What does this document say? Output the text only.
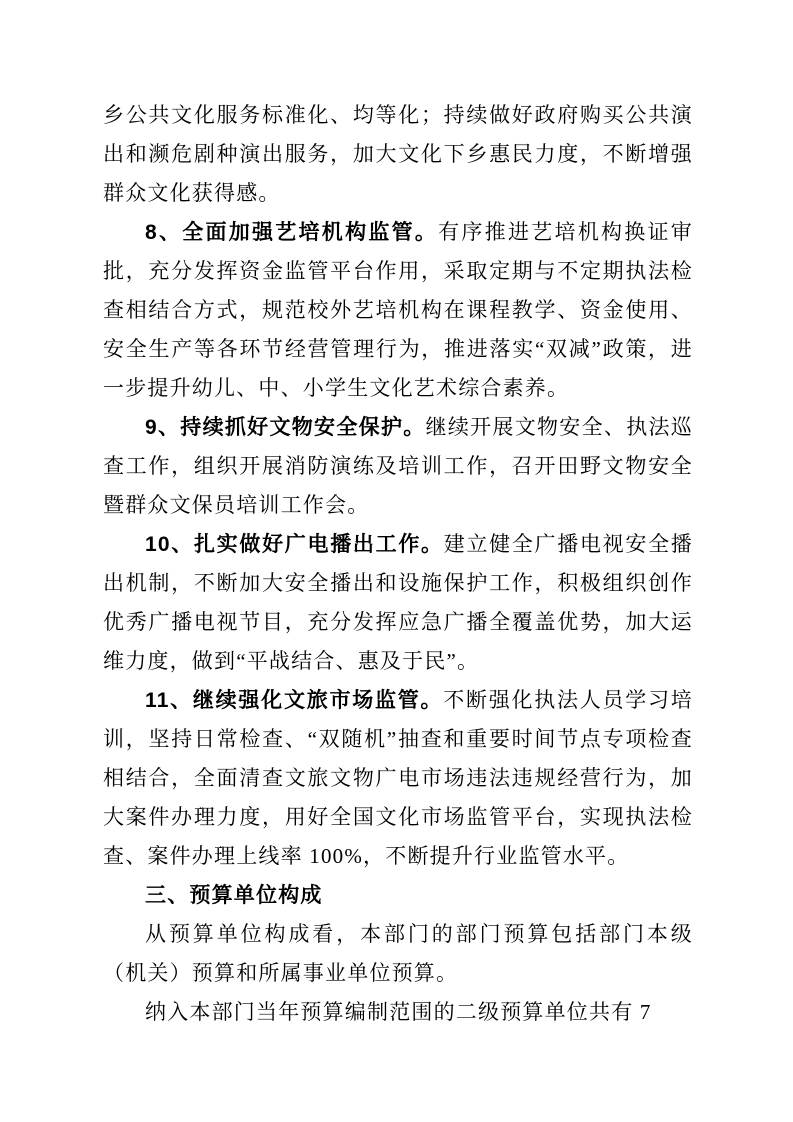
乡公共文化服务标准化、均等化；持续做好政府购买公共演出和濒危剧种演出服务，加大文化下乡惠民力度，不断增强群众文化获得感。

8、全面加强艺培机构监管。有序推进艺培机构换证审批，充分发挥资金监管平台作用，采取定期与不定期执法检查相结合方式，规范校外艺培机构在课程教学、资金使用、安全生产等各环节经营管理行为，推进落实“双减”政策，进一步提升幼儿、中、小学生文化艺术综合素养。

9、持续抓好文物安全保护。继续开展文物安全、执法巡查工作，组织开展消防演练及培训工作，召开田野文物安全暨群众文保员培训工作会。

10、扎实做好广电播出工作。建立健全广播电视安全播出机制，不断加大安全播出和设施保护工作，积极组织创作优秀广播电视节目，充分发挥应急广播全覆盖优势，加大运维力度，做到“平战结合、惠及于民”。

11、继续强化文旅市场监管。不断强化执法人员学习培训，坚持日常检查、“双随机”抽查和重要时间节点专项检查相结合，全面清查文旅文物广电市场违法违规经营行为，加大案件办理力度，用好全国文化市场监管平台，实现执法检查、案件办理上线率 100%，不断提升行业监管水平。

三、预算单位构成

从预算单位构成看，本部门的部门预算包括部门本级（机关）预算和所属事业单位预算。

纳入本部门当年预算编制范围的二级预算单位共有 7
